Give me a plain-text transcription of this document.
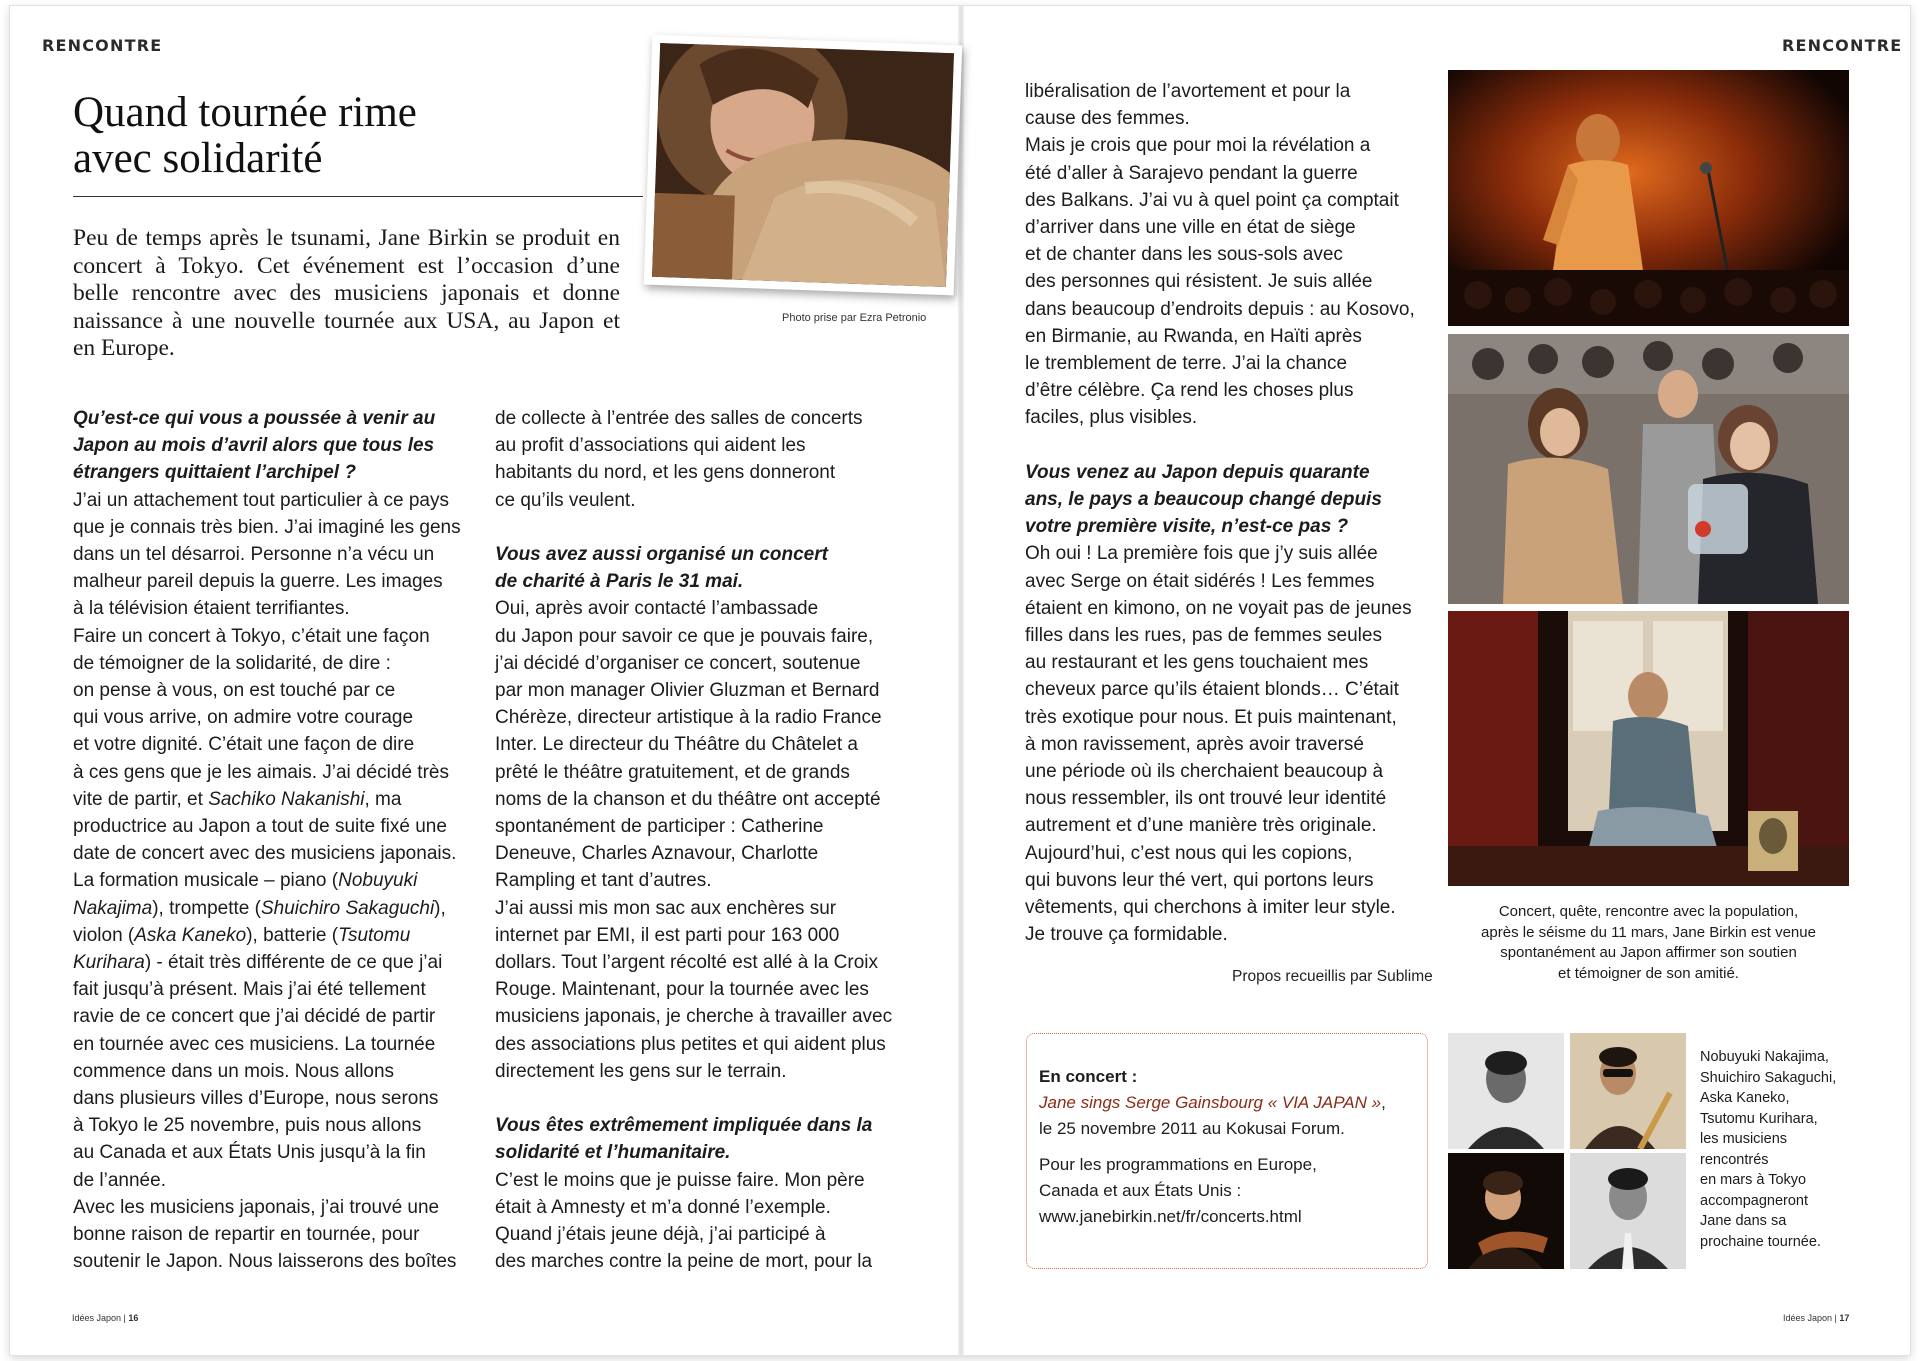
RENCONTRE
Quand tournée rime
avec solidarité

Peu de temps après le tsunami, Jane Birkin se produit en concert à Tokyo. Cet événement est l’occasion d’une belle rencontre avec des musiciens japonais et donne naissance à une nouvelle tournée aux USA, au Japon et en Europe.

Photo prise par Ezra Petronio

Qu’est-ce qui vous a poussée à venir au
Japon au mois d’avril alors que tous les
étrangers quittaient l’archipel ?

J’ai un attachement tout particulier à ce pays
que je connais très bien. J’ai imaginé les gens
dans un tel désarroi. Personne n’a vécu un
malheur pareil depuis la guerre. Les images
à la télévision étaient terrifiantes.
Faire un concert à Tokyo, c’était une façon
de témoigner de la solidarité, de dire :
on pense à vous, on est touché par ce
qui vous arrive, on admire votre courage
et votre dignité. C’était une façon de dire
à ces gens que je les aimais. J’ai décidé très
vite de partir, et Sachiko Nakanishi, ma
productrice au Japon a tout de suite fixé une
date de concert avec des musiciens japonais.
La formation musicale – piano (Nobuyuki
Nakajima), trompette (Shuichiro Sakaguchi),
violon (Aska Kaneko), batterie (Tsutomu
Kurihara) - était très différente de ce que j’ai
fait jusqu’à présent. Mais j’ai été tellement
ravie de ce concert que j’ai décidé de partir
en tournée avec ces musiciens. La tournée
commence dans un mois. Nous allons
dans plusieurs villes d’Europe, nous serons
à Tokyo le 25 novembre, puis nous allons
au Canada et aux États Unis jusqu’à la fin
de l’année.
Avec les musiciens japonais, j’ai trouvé une
bonne raison de repartir en tournée, pour
soutenir le Japon. Nous laisserons des boîtes

de collecte à l’entrée des salles de concerts
au profit d’associations qui aident les
habitants du nord, et les gens donneront
ce qu’ils veulent.

Vous avez aussi organisé un concert
de charité à Paris le 31 mai.

Oui, après avoir contacté l’ambassade
du Japon pour savoir ce que je pouvais faire,
j’ai décidé d’organiser ce concert, soutenue
par mon manager Olivier Gluzman et Bernard
Chérèze, directeur artistique à la radio France
Inter. Le directeur du Théâtre du Châtelet a
prêté le théâtre gratuitement, et de grands
noms de la chanson et du théâtre ont accepté
spontanément de participer : Catherine
Deneuve, Charles Aznavour, Charlotte
Rampling et tant d’autres.
J’ai aussi mis mon sac aux enchères sur
internet par EMI, il est parti pour 163 000
dollars. Tout l’argent récolté est allé à la Croix
Rouge. Maintenant, pour la tournée avec les
musiciens japonais, je cherche à travailler avec
des associations plus petites et qui aident plus
directement les gens sur le terrain.

Vous êtes extrêmement impliquée dans la
solidarité et l’humanitaire.

C’est le moins que je puisse faire. Mon père
était à Amnesty et m’a donné l’exemple.
Quand j’étais jeune déjà, j’ai participé à
des marches contre la peine de mort, pour la

Idées Japon | 16
RENCONTRE

libéralisation de l’avortement et pour la
cause des femmes.
Mais je crois que pour moi la révélation a
été d’aller à Sarajevo pendant la guerre
des Balkans. J’ai vu à quel point ça comptait
d’arriver dans une ville en état de siège
et de chanter dans les sous-sols avec
des personnes qui résistent. Je suis allée
dans beaucoup d’endroits depuis : au Kosovo,
en Birmanie, au Rwanda, en Haïti après
le tremblement de terre. J’ai la chance
d’être célèbre. Ça rend les choses plus
faciles, plus visibles.

Vous venez au Japon depuis quarante
ans, le pays a beaucoup changé depuis
votre première visite, n’est-ce pas ?

Oh oui ! La première fois que j’y suis allée
avec Serge on était sidérés ! Les femmes
étaient en kimono, on ne voyait pas de jeunes
filles dans les rues, pas de femmes seules
au restaurant et les gens touchaient mes
cheveux parce qu’ils étaient blonds… C’était
très exotique pour nous. Et puis maintenant,
à mon ravissement, après avoir traversé
une période où ils cherchaient beaucoup à
nous ressembler, ils ont trouvé leur identité
autrement et d’une manière très originale.
Aujourd’hui, c’est nous qui les copions,
qui buvons leur thé vert, qui portons leurs
vêtements, qui cherchons à imiter leur style.
Je trouve ça formidable.

Propos recueillis par Sublime
Concert, quête, rencontre avec la population,
après le séisme du 11 mars, Jane Birkin est venue
spontanément au Japon affirmer son soutien
et témoigner de son amitié.
En concert :
Jane sings Serge Gainsbourg « VIA JAPAN »,
le 25 novembre 2011 au Kokusai Forum.
Pour les programmations en Europe,
Canada et aux États Unis :
www.janebirkin.net/fr/concerts.html
Nobuyuki Nakajima,
Shuichiro Sakaguchi,
Aska Kaneko,
Tsutomu Kurihara,
les musiciens
rencontrés
en mars à Tokyo
accompagneront
Jane dans sa
prochaine tournée.
Idées Japon | 17
